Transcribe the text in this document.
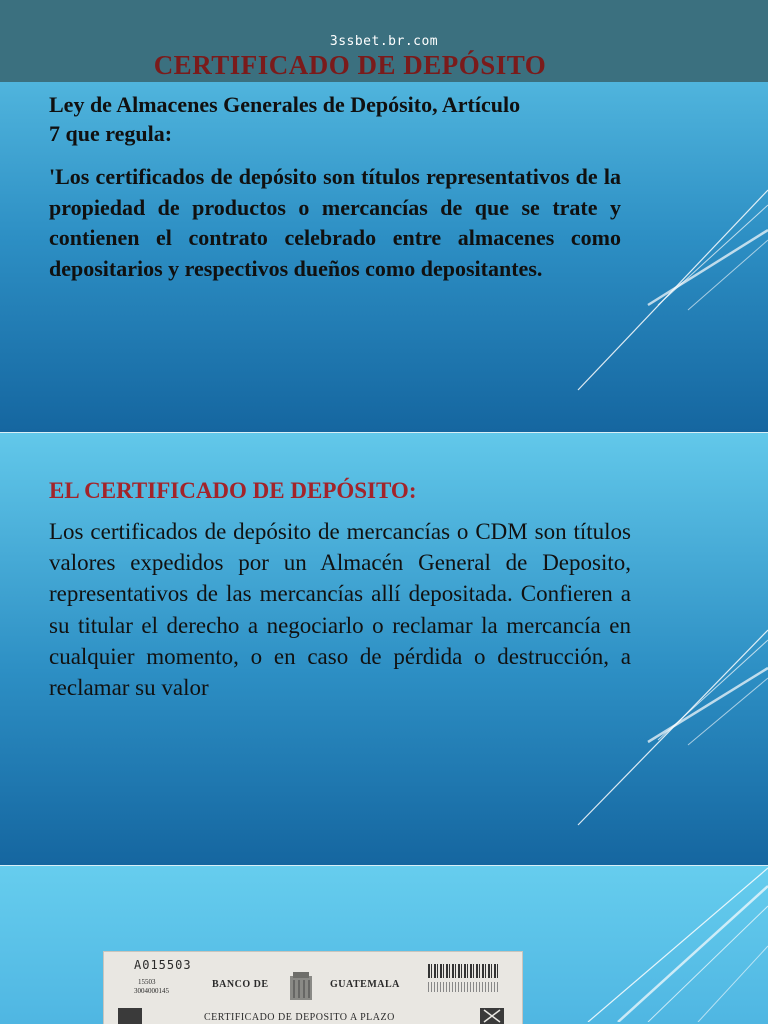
3ssbet.br.com
CERTIFICADO DE DEPÓSITO
Ley de Almacenes Generales de Depósito, Artículo
7 que regula:
'Los certificados de depósito son títulos representativos de la propiedad de productos o mercancías de que se trate y contienen el contrato celebrado entre almacenes como depositarios y respectivos dueños como depositantes.
EL CERTIFICADO DE DEPÓSITO:
Los certificados de depósito de mercancías o CDM son títulos valores expedidos por un Almacén General de Deposito, representativos de las mercancías allí depositada. Confieren a su titular el derecho a negociarlo o reclamar la mercancía en cualquier momento, o en caso de pérdida o destrucción, a reclamar su valor
A015503
15503
3004000145
BANCO DE	GUATEMALA
CERTIFICADO DE DEPOSITO A PLAZO
